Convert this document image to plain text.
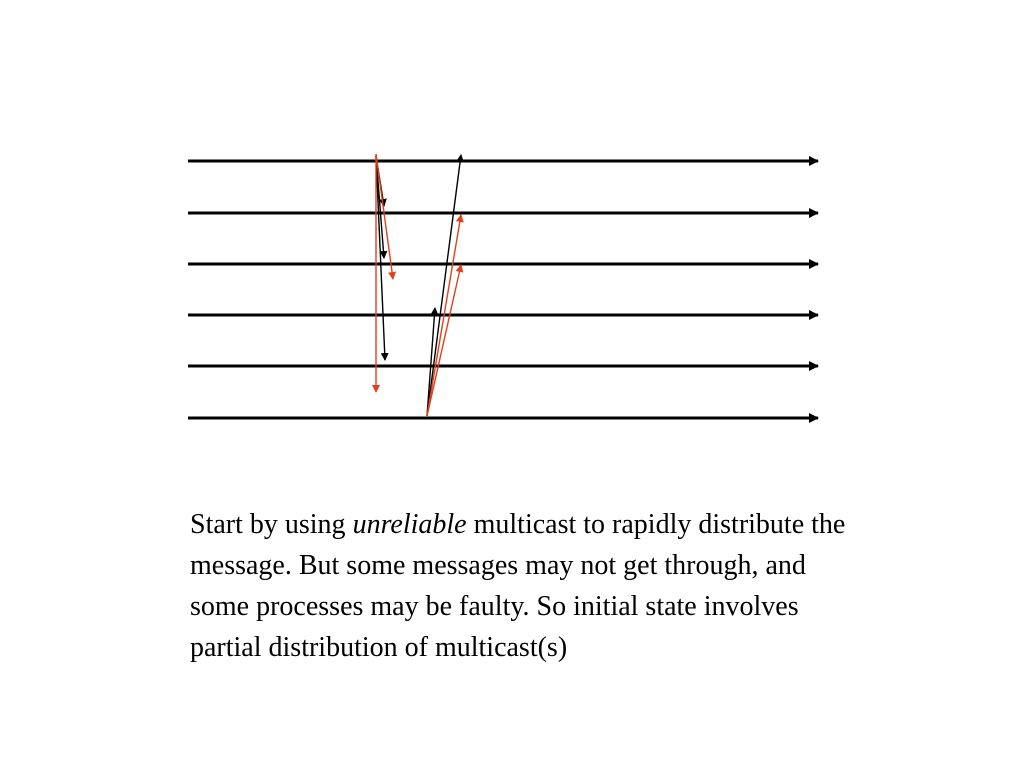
Start by using unreliable multicast to rapidly distribute the message. But some messages may not get through, and some processes may be faulty. So initial state involves partial distribution of multicast(s)
